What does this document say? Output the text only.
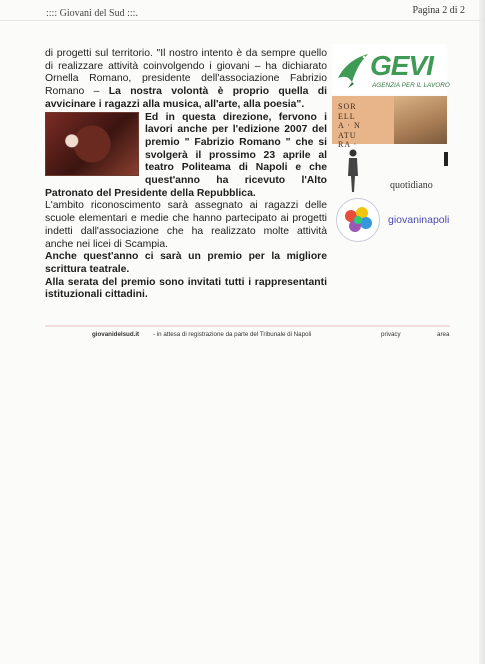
:::: Giovani del Sud :::.	Pagina 2 di 2

di progetti sul territorio. "Il nostro intento è da sempre quello di realizzare attività coinvolgendo i giovani – ha dichiarato Ornella Romano, presidente dell'associazione Fabrizio Romano – La nostra volontà è proprio quella di avvicinare i ragazzi alla musica, all'arte, alla poesia".

Ed in questa direzione, fervono i lavori anche per l'edizione 2007 del premio " Fabrizio Romano " che si svolgerà il prossimo 23 aprile al teatro Politeama di Napoli e che quest'anno ha ricevuto l'Alto Patronato del Presidente della Repubblica.

L'ambito riconoscimento sarà assegnato ai ragazzi delle scuole elementari e medie che hanno partecipato ai progetti indetti dall'associazione che ha realizzato molte attività anche nei licei di Scampia.

Anche quest'anno ci sarà un premio per la migliore scrittura teatrale.

Alla serata del premio sono invitati tutti i rappresentanti istituzionali cittadini.

GEVI
AGENZIA PER IL LAVORO
SOR
ELL
A · N
ATU
RA ·
quotidiano
giovaninapoli
giovanidelsud.it - in attesa di registrazione da parte del Tribunale di Napoli	privacy	area
